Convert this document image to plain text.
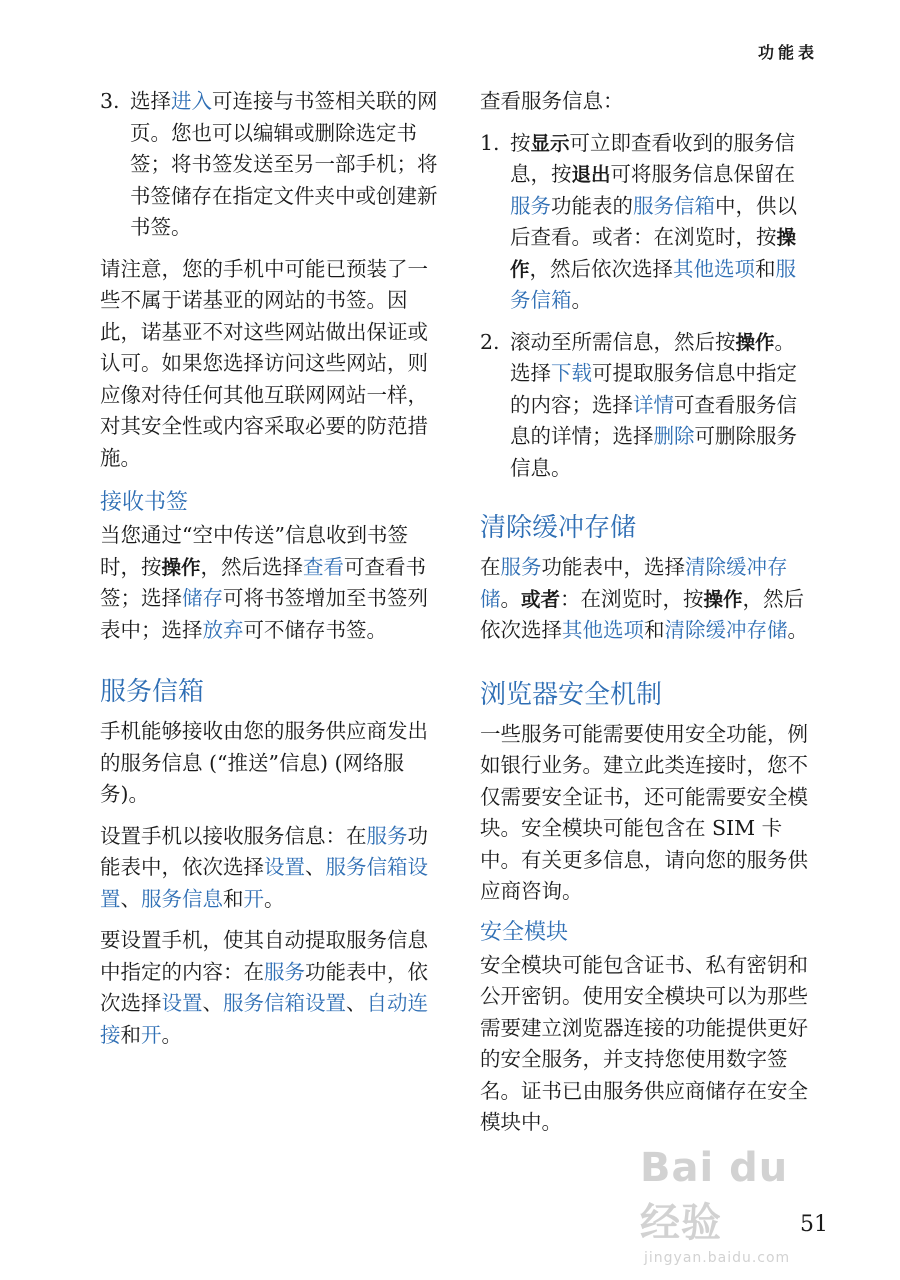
功能表
3. 选择进入可连接与书签相关联的网页。您也可以编辑或删除选定书签；将书签发送至另一部手机；将书签储存在指定文件夹中或创建新书签。

请注意，您的手机中可能已预装了一些不属于诺基亚的网站的书签。因此，诺基亚不对这些网站做出保证或认可。如果您选择访问这些网站，则应像对待任何其他互联网网站一样，对其安全性或内容采取必要的防范措施。

接收书签

当您通过“空中传送”信息收到书签时，按操作，然后选择查看可查看书签；选择储存可将书签增加至书签列表中；选择放弃可不储存书签。

服务信箱

手机能够接收由您的服务供应商发出的服务信息 (“推送”信息) (网络服务)。

设置手机以接收服务信息：在服务功能表中，依次选择设置、服务信箱设置、服务信息和开。

要设置手机，使其自动提取服务信息中指定的内容：在服务功能表中，依次选择设置、服务信箱设置、自动连接和开。

查看服务信息：

1. 按显示可立即查看收到的服务信息，按退出可将服务信息保留在服务功能表的服务信箱中，供以后查看。或者：在浏览时，按操作，然后依次选择其他选项和服务信箱。
2. 滚动至所需信息，然后按操作。选择下载可提取服务信息中指定的内容；选择详情可查看服务信息的详情；选择删除可删除服务信息。
清除缓冲存储

在服务功能表中，选择清除缓冲存储。或者：在浏览时，按操作，然后依次选择其他选项和清除缓冲存储。

浏览器安全机制

一些服务可能需要使用安全功能，例如银行业务。建立此类连接时，您不仅需要安全证书，还可能需要安全模块。安全模块可能包含在 SIM 卡中。有关更多信息，请向您的服务供应商咨询。

安全模块

安全模块可能包含证书、私有密钥和公开密钥。使用安全模块可以为那些需要建立浏览器连接的功能提供更好的安全服务，并支持您使用数字签名。证书已由服务供应商储存在安全模块中。

Bai du 经验
jingyan.baidu.com
51
